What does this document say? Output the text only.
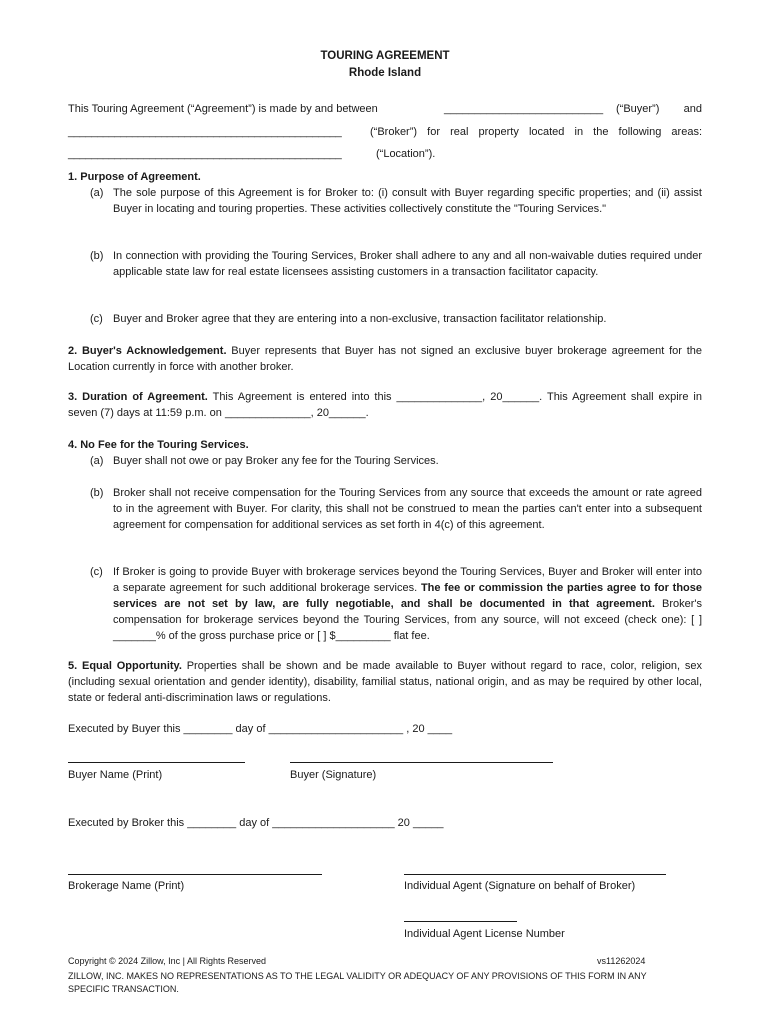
TOURING AGREEMENT
Rhode Island
This Touring Agreement (“Agreement”) is made by and between	__________________________ (“Buyer”) and
_______________________________________________	(“Broker”) for real property located in the following areas:
_______________________________________________	(“Location”).
1. Purpose of Agreement.
(a) The sole purpose of this Agreement is for Broker to: (i) consult with Buyer regarding specific properties; and (ii) assist Buyer in locating and touring properties. These activities collectively constitute the "Touring Services."
(b) In connection with providing the Touring Services, Broker shall adhere to any and all non-waivable duties required under applicable state law for real estate licensees assisting customers in a transaction facilitator capacity.
(c) Buyer and Broker agree that they are entering into a non-exclusive, transaction facilitator relationship.
2. Buyer's Acknowledgement. Buyer represents that Buyer has not signed an exclusive buyer brokerage agreement for the Location currently in force with another broker.
3. Duration of Agreement. This Agreement is entered into this ______________, 20______. This Agreement shall expire in seven (7) days at 11:59 p.m. on ______________, 20______.
4. No Fee for the Touring Services.
(a) Buyer shall not owe or pay Broker any fee for the Touring Services.
(b) Broker shall not receive compensation for the Touring Services from any source that exceeds the amount or rate agreed to in the agreement with Buyer. For clarity, this shall not be construed to mean the parties can't enter into a subsequent agreement for compensation for additional services as set forth in 4(c) of this agreement.
(c) If Broker is going to provide Buyer with brokerage services beyond the Touring Services, Buyer and Broker will enter into a separate agreement for such additional brokerage services. The fee or commission the parties agree to for those services are not set by law, are fully negotiable, and shall be documented in that agreement. Broker's compensation for brokerage services beyond the Touring Services, from any source, will not exceed (check one): [ ] _______% of the gross purchase price or [ ] $_________ flat fee.
5. Equal Opportunity. Properties shall be shown and be made available to Buyer without regard to race, color, religion, sex (including sexual orientation and gender identity), disability, familial status, national origin, and as may be required by other local, state or federal anti-discrimination laws or regulations.
Executed by Buyer this ________ day of ______________________ , 20 ____
Buyer Name (Print)	Buyer (Signature)
Executed by Broker this ________ day of ____________________ 20 _____
Brokerage Name (Print)	Individual Agent (Signature on behalf of Broker)
Individual Agent License Number
Copyright © 2024 Zillow, Inc | All Rights Reserved	vs11262024
ZILLOW, INC. MAKES NO REPRESENTATIONS AS TO THE LEGAL VALIDITY OR ADEQUACY OF ANY PROVISIONS OF THIS FORM IN ANY SPECIFIC TRANSACTION.
